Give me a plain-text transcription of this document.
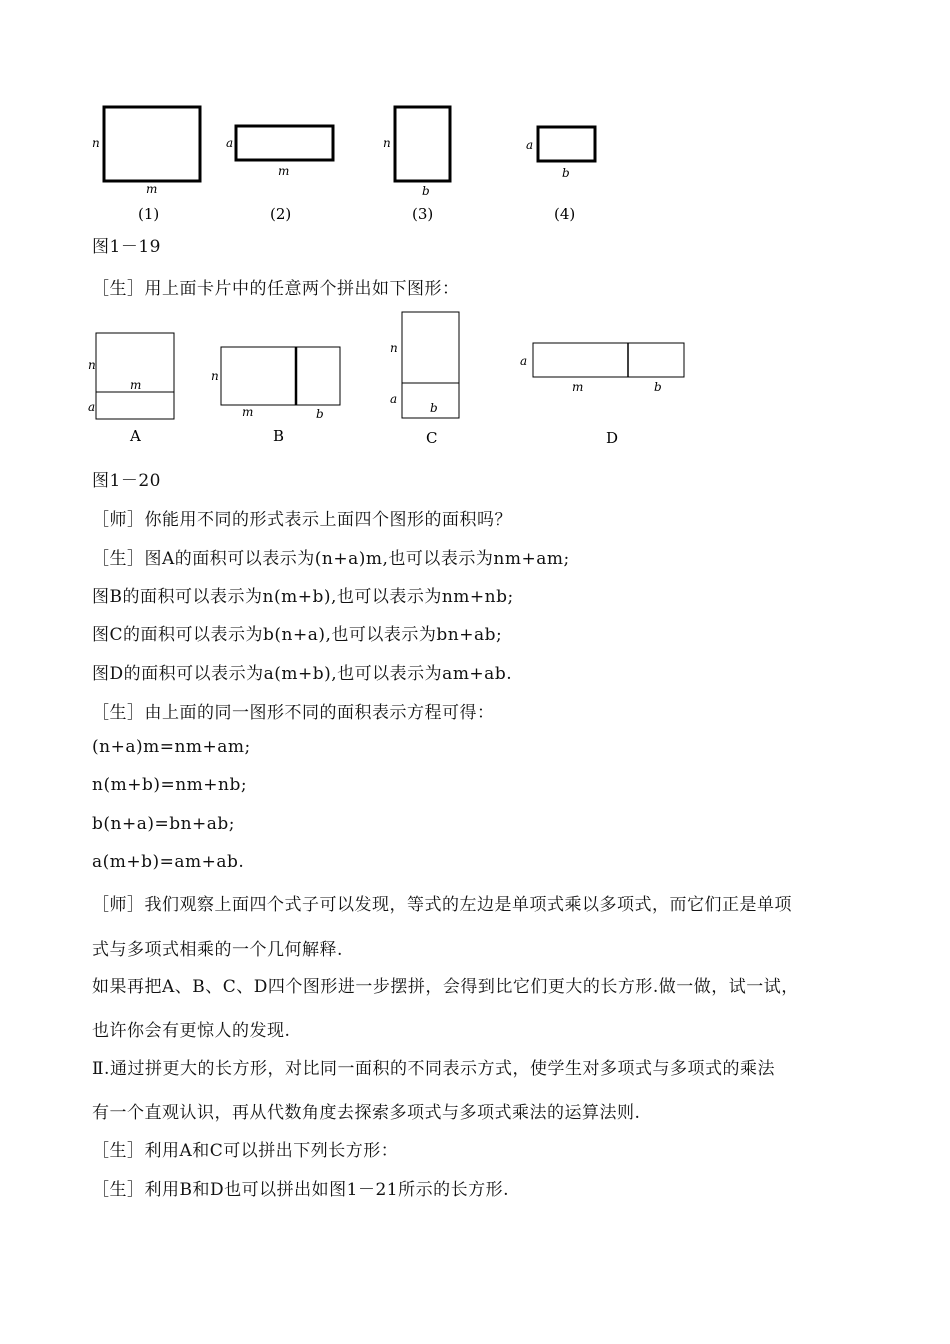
n
m
(1)
a
m
(2)
n
b
(3)
a
b
(4)
图1－19
［生］用上面卡片中的任意两个拼出如下图形：
n
m
a
A
n
m	b
B
n
a
b
C
a
m	b
D
图1－20
［师］你能用不同的形式表示上面四个图形的面积吗？
［生］图A的面积可以表示为(n+a)m,也可以表示为nm+am;
图B的面积可以表示为n(m+b),也可以表示为nm+nb;
图C的面积可以表示为b(n+a),也可以表示为bn+ab;
图D的面积可以表示为a(m+b),也可以表示为am+ab.
［生］由上面的同一图形不同的面积表示方程可得：
(n+a)m=nm+am;
n(m+b)=nm+nb;
b(n+a)=bn+ab;
a(m+b)=am+ab.
［师］我们观察上面四个式子可以发现，等式的左边是单项式乘以多项式，而它们正是单项
式与多项式相乘的一个几何解释.
如果再把A、B、C、D四个图形进一步摆拼，会得到比它们更大的长方形.做一做，试一试，
也许你会有更惊人的发现.
Ⅱ.通过拼更大的长方形，对比同一面积的不同表示方式，使学生对多项式与多项式的乘法
有一个直观认识，再从代数角度去探索多项式与多项式乘法的运算法则.
［生］利用A和C可以拼出下列长方形：
［生］利用B和D也可以拼出如图1－21所示的长方形.
